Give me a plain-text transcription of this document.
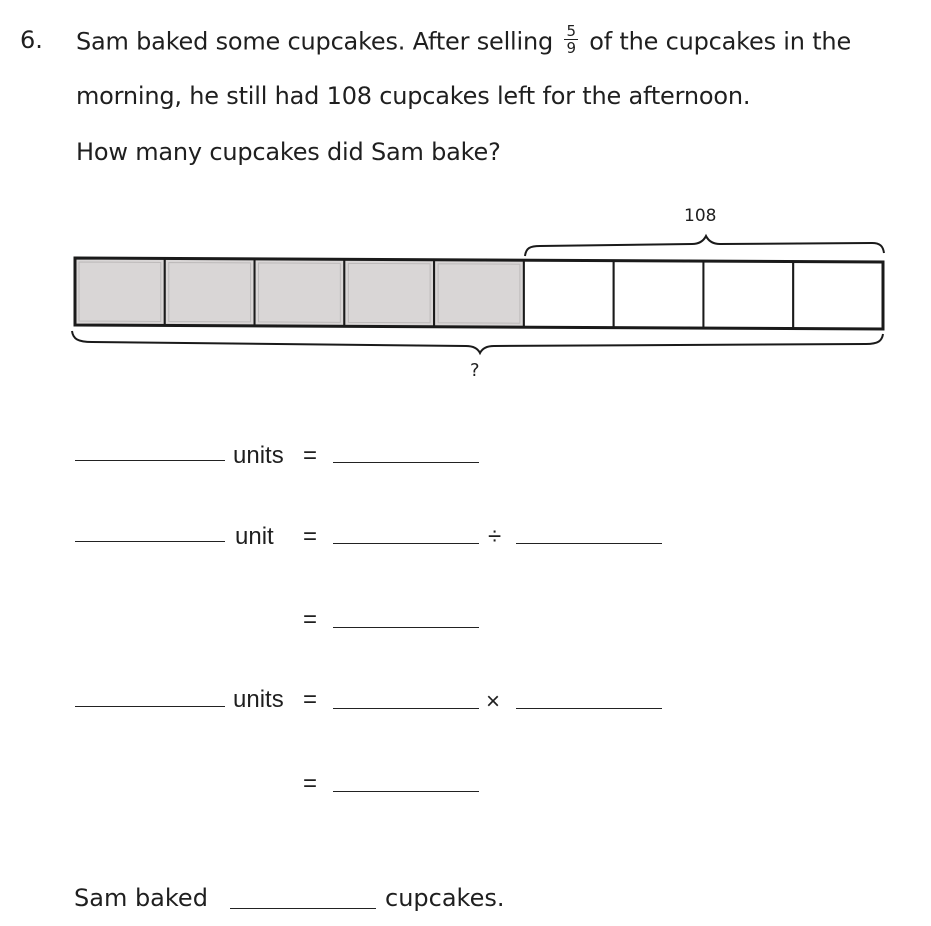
6. Sam baked some cupcakes. After selling $\frac{5}{9}$ of the cupcakes in the
morning, he still had 108 cupcakes left for the afternoon.
How many cupcakes did Sam bake?
108
?
units =
unit =	÷
=
units =	×
=
Sam baked	cupcakes.
